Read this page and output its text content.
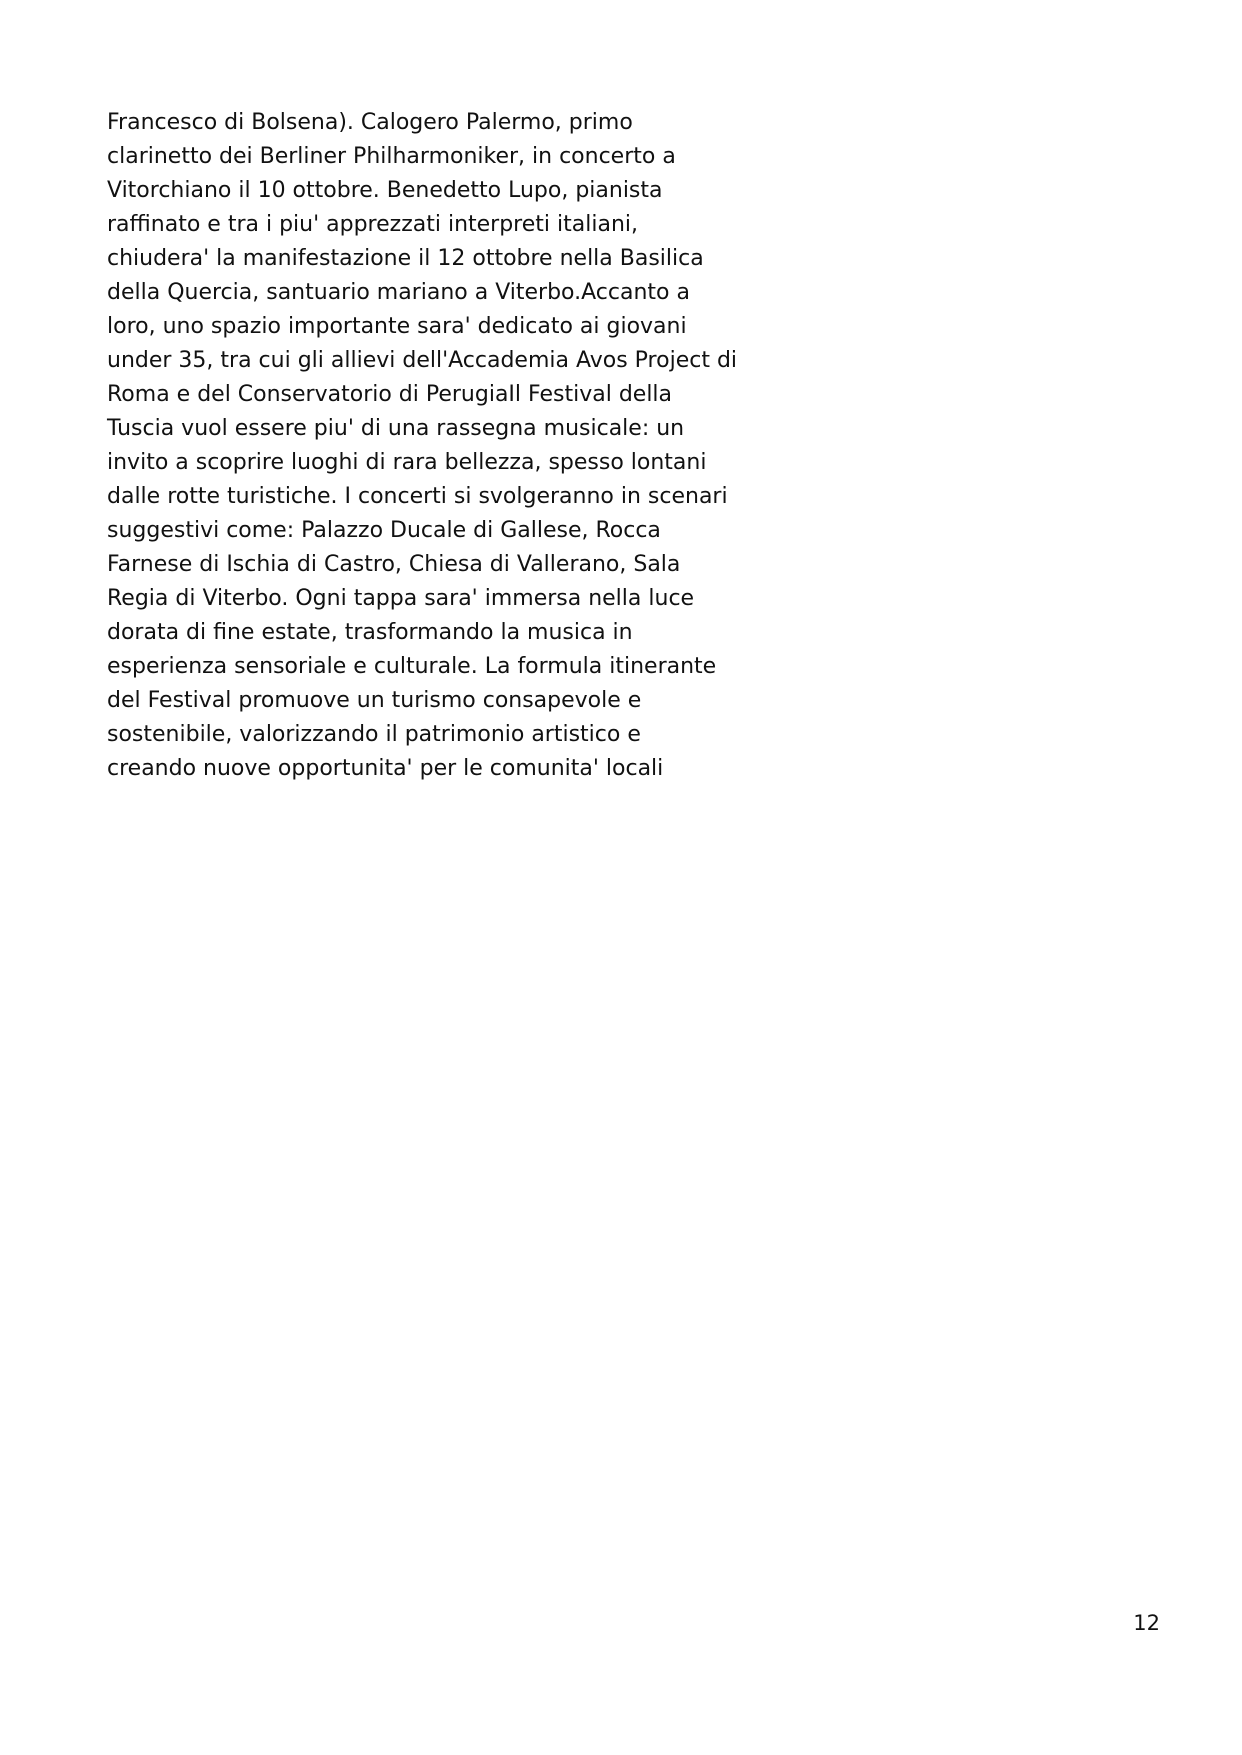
Francesco di Bolsena). Calogero Palermo, primo
clarinetto dei Berliner Philharmoniker, in concerto a
Vitorchiano il 10 ottobre. Benedetto Lupo, pianista
raffinato e tra i piu' apprezzati interpreti italiani,
chiudera' la manifestazione il 12 ottobre nella Basilica
della Quercia, santuario mariano a Viterbo.Accanto a
loro, uno spazio importante sara' dedicato ai giovani
under 35, tra cui gli allievi dell'Accademia Avos Project di
Roma e del Conservatorio di PerugiaIl Festival della
Tuscia vuol essere piu' di una rassegna musicale: un
invito a scoprire luoghi di rara bellezza, spesso lontani
dalle rotte turistiche. I concerti si svolgeranno in scenari
suggestivi come: Palazzo Ducale di Gallese, Rocca
Farnese di Ischia di Castro, Chiesa di Vallerano, Sala
Regia di Viterbo. Ogni tappa sara' immersa nella luce
dorata di fine estate, trasformando la musica in
esperienza sensoriale e culturale. La formula itinerante
del Festival promuove un turismo consapevole e
sostenibile, valorizzando il patrimonio artistico e
creando nuove opportunita' per le comunita' locali
12
